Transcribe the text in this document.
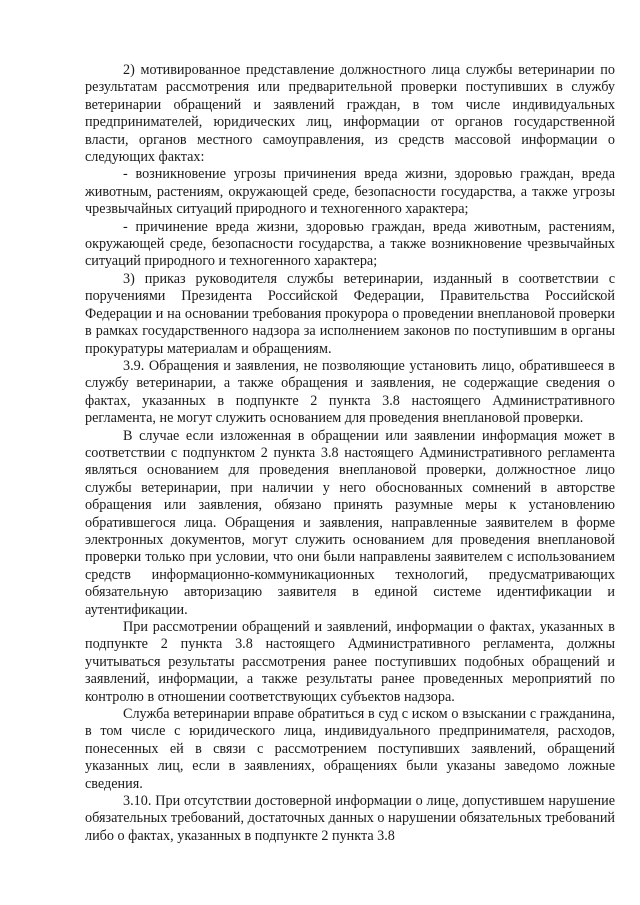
2) мотивированное представление должностного лица службы ветеринарии по результатам рассмотрения или предварительной проверки поступивших в службу ветеринарии обращений и заявлений граждан, в том числе индивидуальных предпринимателей, юридических лиц, информации от органов государственной власти, органов местного самоуправления, из средств массовой информации о следующих фактах:

- возникновение угрозы причинения вреда жизни, здоровью граждан, вреда животным, растениям, окружающей среде, безопасности государства, а также угрозы чрезвычайных ситуаций природного и техногенного характера;

- причинение вреда жизни, здоровью граждан, вреда животным, растениям, окружающей среде, безопасности государства, а также возникновение чрезвычайных ситуаций природного и техногенного характера;

3) приказ руководителя службы ветеринарии, изданный в соответствии с поручениями Президента Российской Федерации, Правительства Российской Федерации и на основании требования прокурора о проведении внеплановой проверки в рамках государственного надзора за исполнением законов по поступившим в органы прокуратуры материалам и обращениям.

3.9. Обращения и заявления, не позволяющие установить лицо, обратившееся в службу ветеринарии, а также обращения и заявления, не содержащие сведения о фактах, указанных в подпункте 2 пункта 3.8 настоящего Административного регламента, не могут служить основанием для проведения внеплановой проверки.

В случае если изложенная в обращении или заявлении информация может в соответствии с подпунктом 2 пункта 3.8 настоящего Административного регламента являться основанием для проведения внеплановой проверки, должностное лицо службы ветеринарии, при наличии у него обоснованных сомнений в авторстве обращения или заявления, обязано принять разумные меры к установлению обратившегося лица. Обращения и заявления, направленные заявителем в форме электронных документов, могут служить основанием для проведения внеплановой проверки только при условии, что они были направлены заявителем с использованием средств информационно-коммуникационных технологий, предусматривающих обязательную авторизацию заявителя в единой системе идентификации и аутентификации.

При рассмотрении обращений и заявлений, информации о фактах, указанных в подпункте 2 пункта 3.8 настоящего Административного регламента, должны учитываться результаты рассмотрения ранее поступивших подобных обращений и заявлений, информации, а также результаты ранее проведенных мероприятий по контролю в отношении соответствующих субъектов надзора.

Служба ветеринарии вправе обратиться в суд с иском о взыскании с гражданина, в том числе с юридического лица, индивидуального предпринимателя, расходов, понесенных ей в связи с рассмотрением поступивших заявлений, обращений указанных лиц, если в заявлениях, обращениях были указаны заведомо ложные сведения.

3.10. При отсутствии достоверной информации о лице, допустившем нарушение обязательных требований, достаточных данных о нарушении обязательных требований либо о фактах, указанных в подпункте 2 пункта 3.8
